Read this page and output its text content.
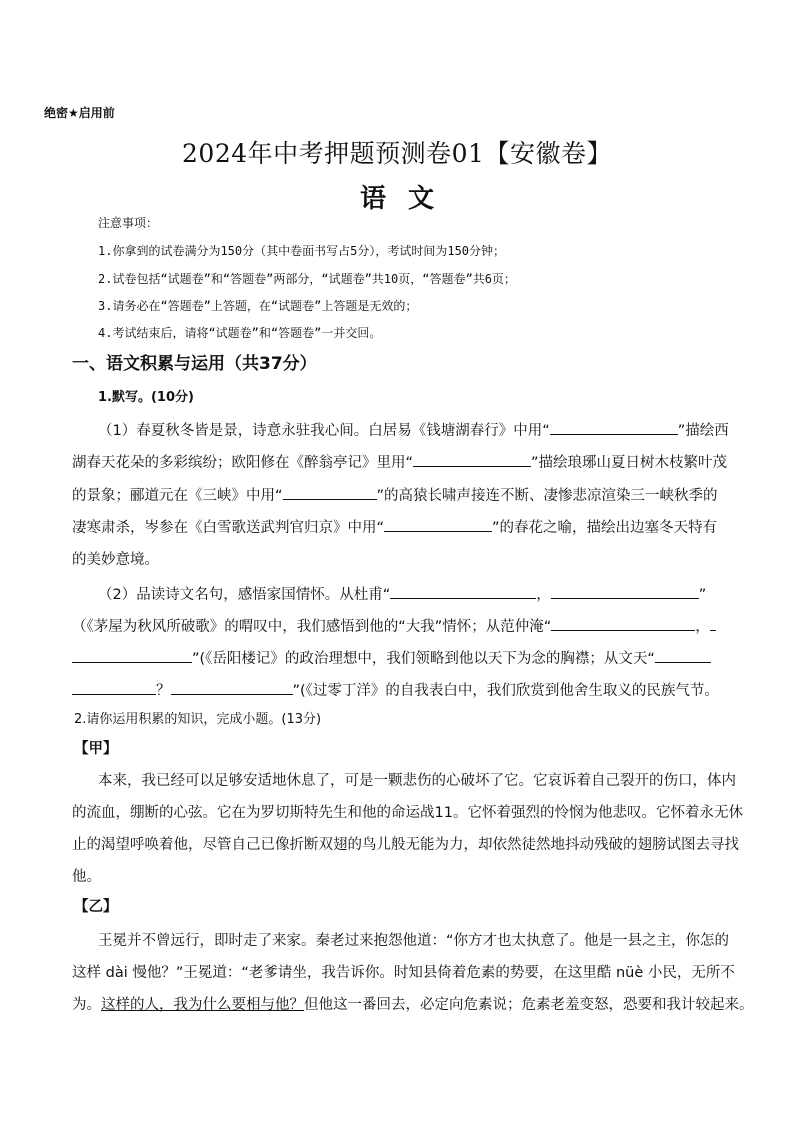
绝密★启用前
2024年中考押题预测卷01【安徽卷】
语文
注意事项：
1.你拿到的试卷满分为150分（其中卷面书写占5分），考试时间为150分钟；
2.试卷包括“试题卷”和“答题卷”两部分，“试题卷”共10页，“答题卷”共6页；
3.请务必在“答题卷”上答题，在“试题卷”上答题是无效的；
4.考试结束后，请将“试题卷”和“答题卷”一并交回。
一、语文积累与运用（共37分）
1.默写。(10分)
（1）春夏秋冬皆是景，诗意永驻我心间。白居易《钱塘湖春行》中用“	”描绘西
湖春天花朵的多彩缤纷；欧阳修在《醉翁亭记》里用“	”描绘琅琊山夏日树木枝繁叶茂
的景象；郦道元在《三峡》中用“	”的高猿长啸声接连不断、凄惨悲凉渲染三一峡秋季的
凄寒肃杀，岑参在《白雪歌送武判官归京》中用“	”的春花之喻，描绘出边塞冬天特有
的美妙意境。
（2）品读诗文名句，感悟家国情怀。从杜甫“	，	”
（《茅屋为秋风所破歌》的喟叹中，我们感悟到他的“大我”情怀；从范仲淹“	，
”(《岳阳楼记》的政治理想中，我们领略到他以天下为念的胸襟；从文天“
？	”(《过零丁洋》的自我表白中，我们欣赏到他舍生取义的民族气节。
2.请你运用积累的知识，完成小题。(13分)
【甲】
本来，我已经可以足够安适地休息了，可是一颗悲伤的心破坏了它。它哀诉着自己裂开的伤口，体内
的流血，绷断的心弦。它在为罗切斯特先生和他的命运战11。它怀着强烈的怜悯为他悲叹。它怀着永无休
止的渴望呼唤着他，尽管自己已像折断双翅的鸟儿般无能为力，却依然徒然地抖动残破的翅膀试图去寻找
他。
【乙】
王冕并不曾远行，即时走了来家。秦老过来抱怨他道：“你方才也太执意了。他是一县之主，你怎的
这样 dài 慢他？”王冕道：“老爹请坐，我告诉你。时知县倚着危素的势要，在这里酷 nüè 小民，无所不
为。这样的人，我为什么要相与他？但他这一番回去，必定向危素说；危素老羞变怒，恐要和我计较起来。
